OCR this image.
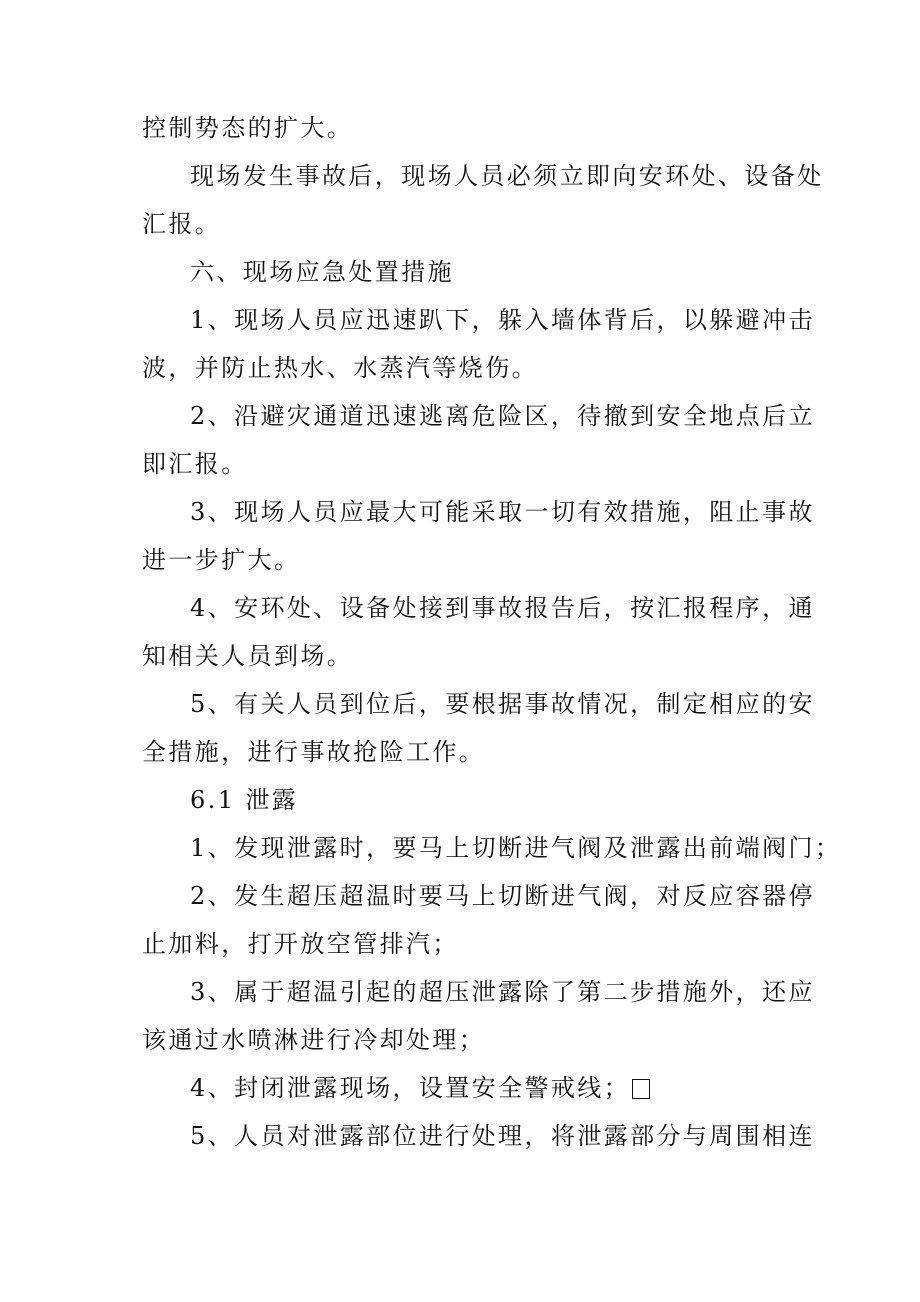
控制势态的扩大。
现场发生事故后，现场人员必须立即向安环处、设备处
汇报。
六、现场应急处置措施
1、现场人员应迅速趴下，躲入墙体背后，以躲避冲击
波，并防止热水、水蒸汽等烧伤。
2、沿避灾通道迅速逃离危险区，待撤到安全地点后立
即汇报。
3、现场人员应最大可能采取一切有效措施，阻止事故
进一步扩大。
4、安环处、设备处接到事故报告后，按汇报程序，通
知相关人员到场。
5、有关人员到位后，要根据事故情况，制定相应的安
全措施，进行事故抢险工作。
6.1 泄露
1、发现泄露时，要马上切断进气阀及泄露出前端阀门；
2、发生超压超温时要马上切断进气阀，对反应容器停
止加料，打开放空管排汽；
3、属于超温引起的超压泄露除了第二步措施外，还应
该通过水喷淋进行冷却处理；
4、封闭泄露现场，设置安全警戒线；
5、人员对泄露部位进行处理，将泄露部分与周围相连
